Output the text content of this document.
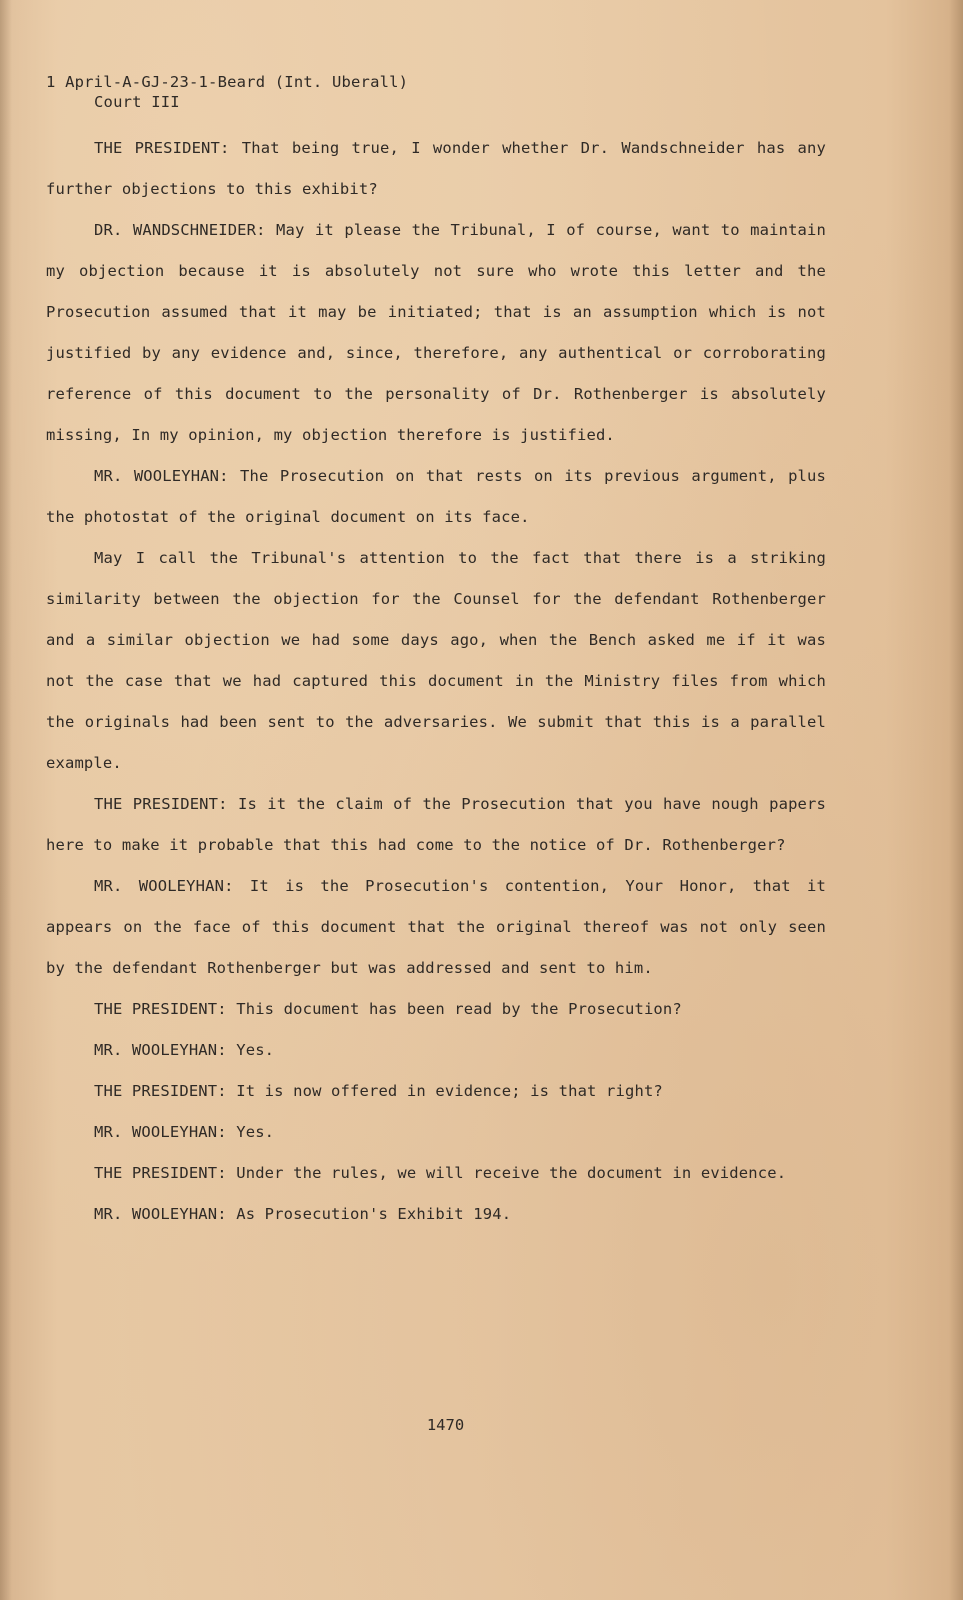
1 April-A-GJ-23-1-Beard (Int. Uberall)
Court III

THE PRESIDENT: That being true, I wonder whether Dr. Wandschneider has any further objections to this exhibit?

DR. WANDSCHNEIDER: May it please the Tribunal, I of course, want to maintain my objection because it is absolutely not sure who wrote this letter and the Prosecution assumed that it may be initiated; that is an assumption which is not justified by any evidence and, since, therefore, any authentical or corroborating reference of this document to the personality of Dr. Rothenberger is absolutely missing, In my opinion, my objection therefore is justified.

MR. WOOLEYHAN: The Prosecution on that rests on its previous argument, plus the photostat of the original document on its face.

May I call the Tribunal's attention to the fact that there is a striking similarity between the objection for the Counsel for the defendant Rothenberger and a similar objection we had some days ago, when the Bench asked me if it was not the case that we had captured this document in the Ministry files from which the originals had been sent to the adversaries. We submit that this is a parallel example.

THE PRESIDENT: Is it the claim of the Prosecution that you have nough papers here to make it probable that this had come to the notice of Dr. Rothenberger?

MR. WOOLEYHAN: It is the Prosecution's contention, Your Honor, that it appears on the face of this document that the original thereof was not only seen by the defendant Rothenberger but was addressed and sent to him.

THE PRESIDENT: This document has been read by the Prosecution?

MR. WOOLEYHAN: Yes.

THE PRESIDENT: It is now offered in evidence; is that right?

MR. WOOLEYHAN: Yes.

THE PRESIDENT: Under the rules, we will receive the document in evidence.

MR. WOOLEYHAN: As Prosecution's Exhibit 194.

1470
